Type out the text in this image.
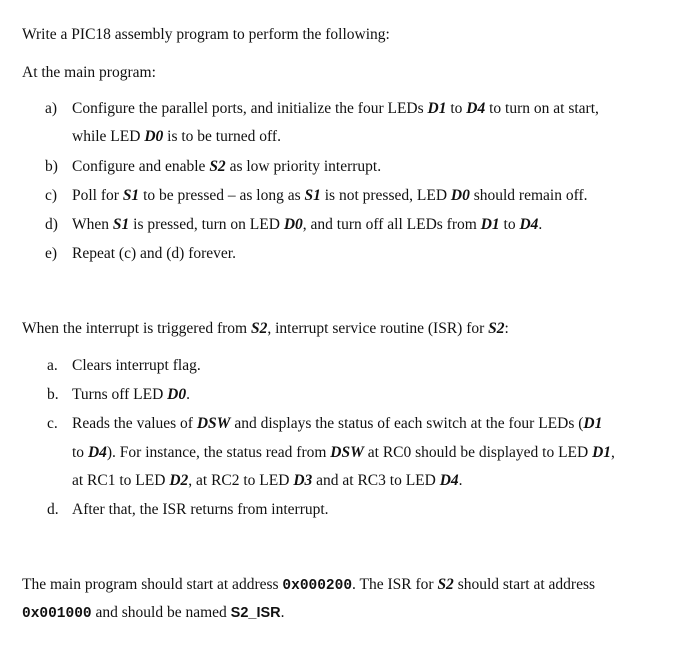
Write a PIC18 assembly program to perform the following:
At the main program:
a) Configure the parallel ports, and initialize the four LEDs D1 to D4 to turn on at start,
while LED D0 is to be turned off.
b) Configure and enable S2 as low priority interrupt.
c) Poll for S1 to be pressed – as long as S1 is not pressed, LED D0 should remain off.
d) When S1 is pressed, turn on LED D0, and turn off all LEDs from D1 to D4.
e) Repeat (c) and (d) forever.
When the interrupt is triggered from S2, interrupt service routine (ISR) for S2:
a. Clears interrupt flag.
b. Turns off LED D0.
c. Reads the values of DSW and displays the status of each switch at the four LEDs (D1
to D4). For instance, the status read from DSW at RC0 should be displayed to LED D1,
at RC1 to LED D2, at RC2 to LED D3 and at RC3 to LED D4.
d. After that, the ISR returns from interrupt.
The main program should start at address 0x000200. The ISR for S2 should start at address
0x001000 and should be named S2_ISR.
